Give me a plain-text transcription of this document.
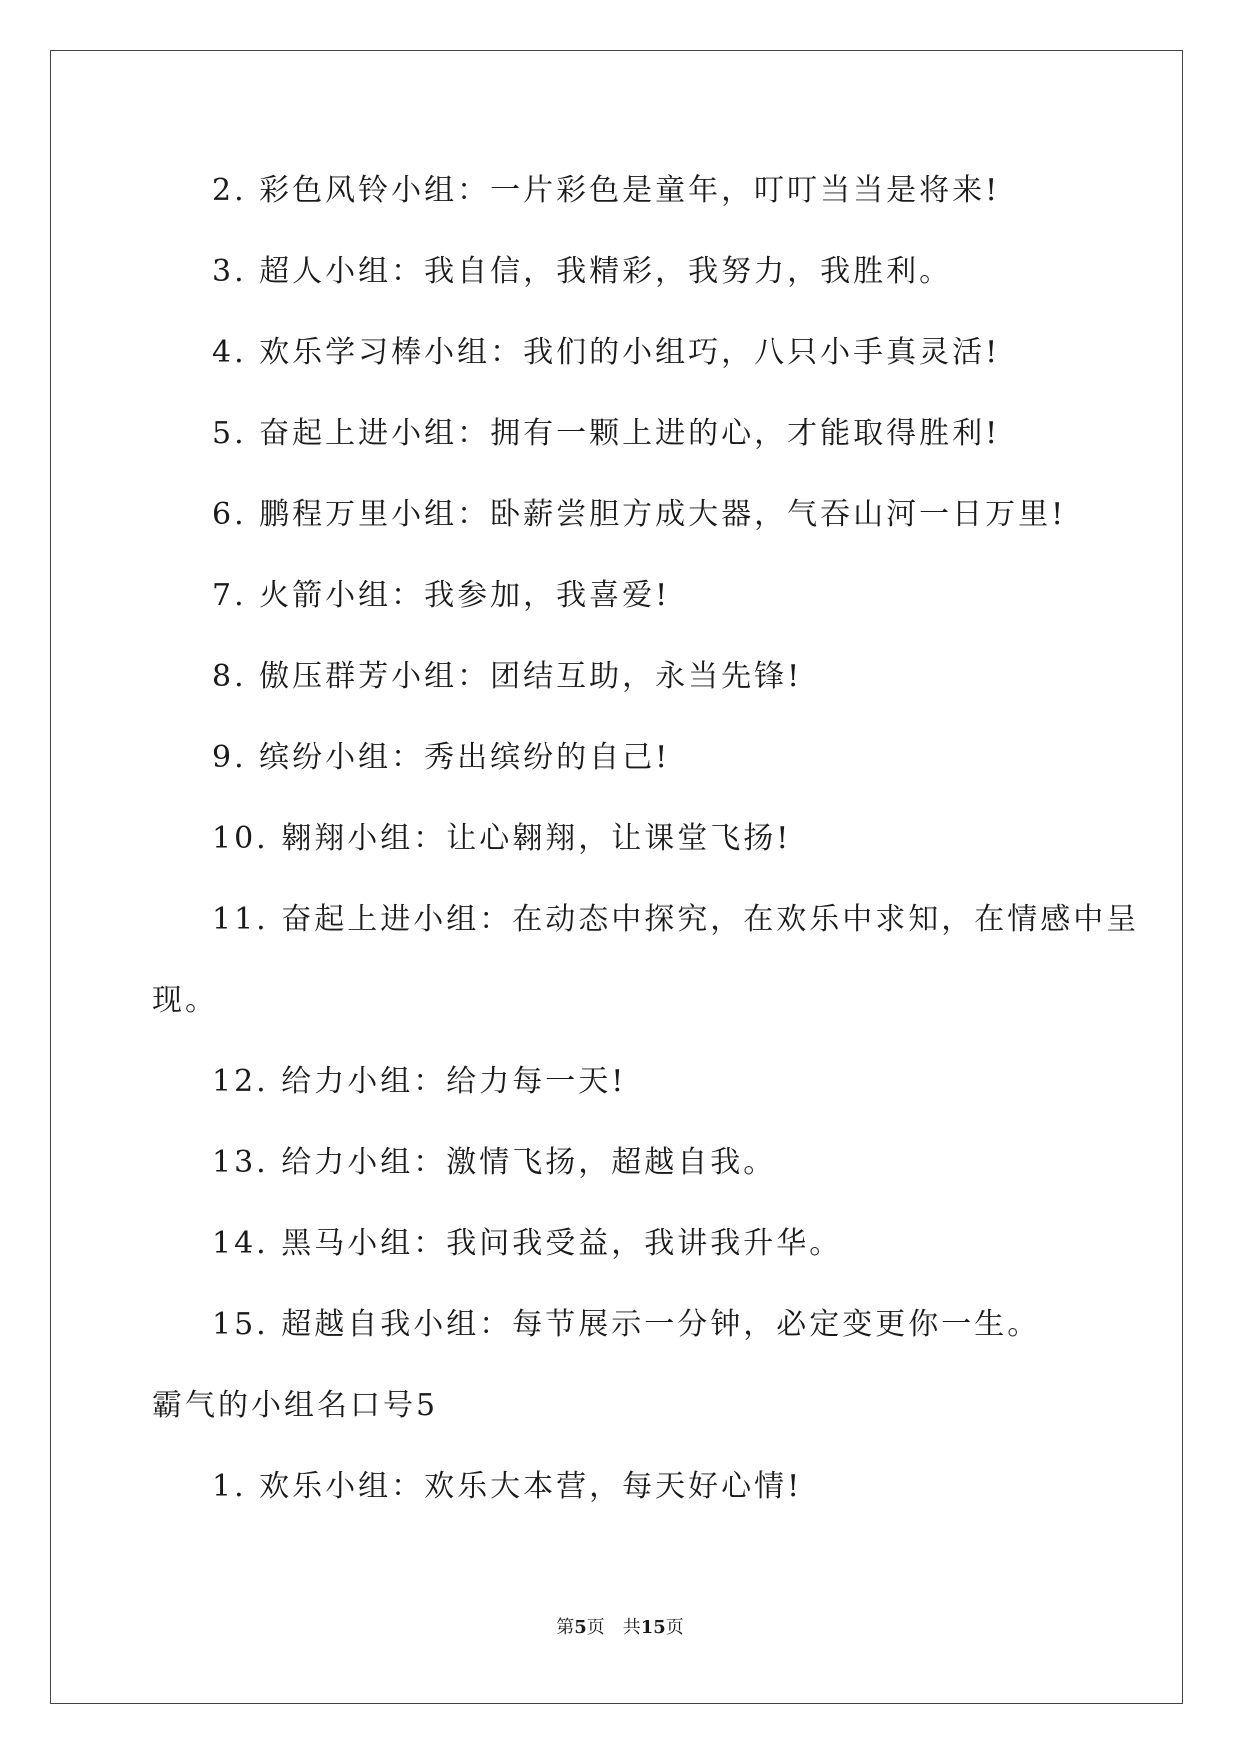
2. 彩色风铃小组：一片彩色是童年，叮叮当当是将来!
3. 超人小组：我自信，我精彩，我努力，我胜利。
4. 欢乐学习棒小组：我们的小组巧，八只小手真灵活!
5. 奋起上进小组：拥有一颗上进的心，才能取得胜利!
6. 鹏程万里小组：卧薪尝胆方成大器，气吞山河一日万里!
7. 火箭小组：我参加，我喜爱!
8. 傲压群芳小组：团结互助，永当先锋!
9. 缤纷小组：秀出缤纷的自己!
10. 翱翔小组：让心翱翔，让课堂飞扬!
11. 奋起上进小组：在动态中探究，在欢乐中求知，在情感中呈
现。
12. 给力小组：给力每一天!
13. 给力小组：激情飞扬，超越自我。
14. 黑马小组：我问我受益，我讲我升华。
15. 超越自我小组：每节展示一分钟，必定变更你一生。
霸气的小组名口号5
1. 欢乐小组：欢乐大本营，每天好心情!
第5页 共15页
